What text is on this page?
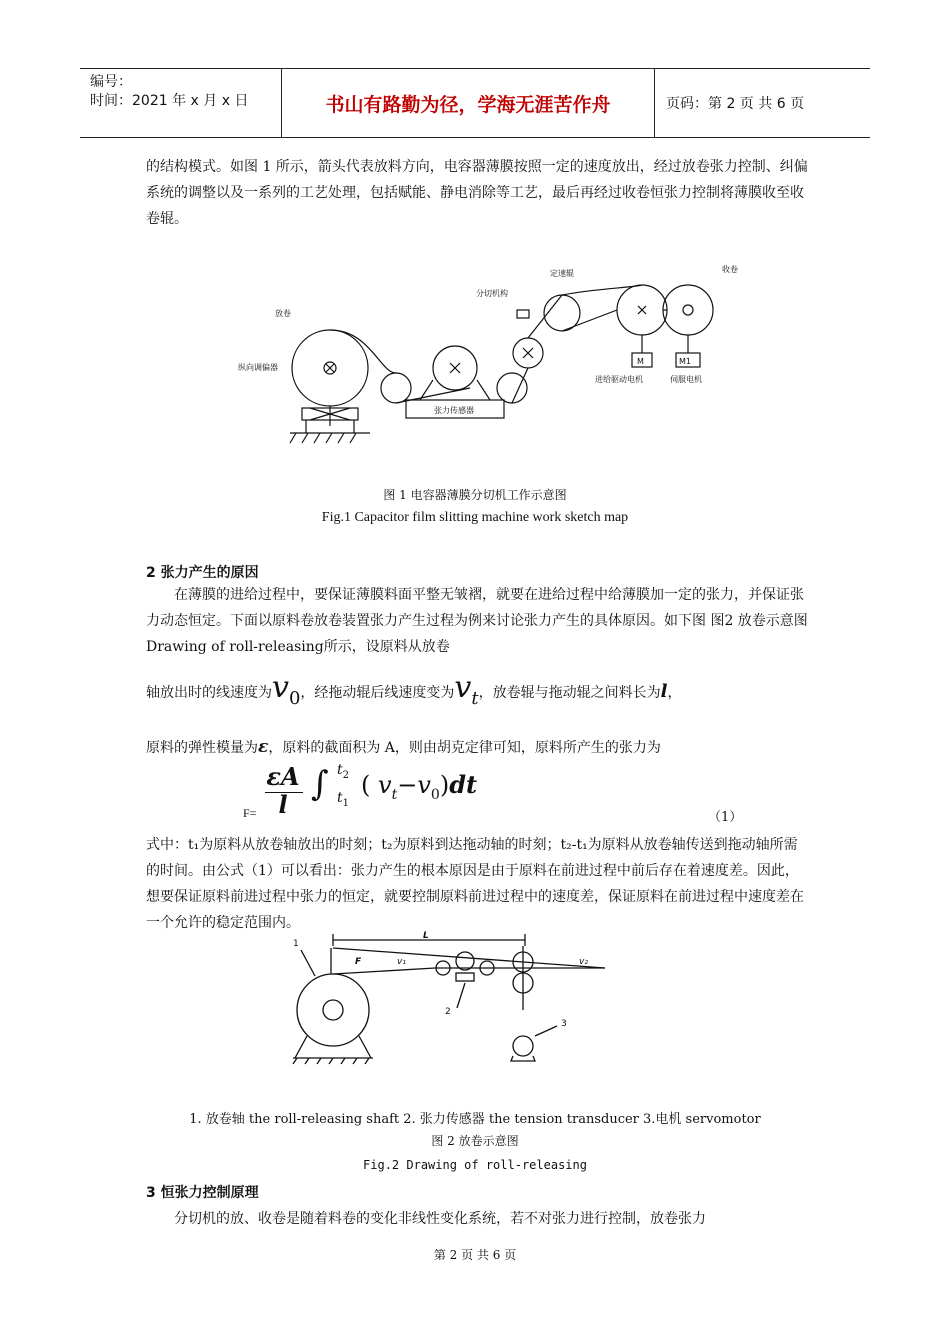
编号：
时间：2021 年 x 月 x 日	书山有路勤为径，学海无涯苦作舟	页码：第 2 页 共 6 页
的结构模式。如图 1 所示，箭头代表放料方向，电容器薄膜按照一定的速度放出，经过放卷张力控制、纠偏系统的调整以及一系列的工艺处理，包括赋能、静电消除等工艺，最后再经过收卷恒张力控制将薄膜收至收卷辊。
放卷
纵向调偏器
张力传感器
分切机构
定速辊	收卷
M	M1
进给驱动电机	伺服电机
图 1 电容器薄膜分切机工作示意图
Fig.1 Capacitor film slitting machine work sketch map
2 张力产生的原因
在薄膜的进给过程中，要保证薄膜料面平整无皱褶，就要在进给过程中给薄膜加一定的张力，并保证张力动态恒定。下面以原料卷放卷装置张力产生过程为例来讨论张力产生的具体原因。如下图 图2 放卷示意图 Drawing of roll-releasing所示，设原料从放卷
轴放出时的线速度为$v_0$，经拖动辊后线速度变为$v_t$，放卷辊与拖动辊之间料长为l，
原料的弹性模量为ε，原料的截面积为 A，则由胡克定律可知，原料所产生的张力为
F=
εA
l
∫ $t_2$
$t_1$
( $v_t-v_0)dt$
（1）
式中：t₁为原料从放卷轴放出的时刻；t₂为原料到达拖动轴的时刻；t₂-t₁为原料从放卷轴传送到拖动轴所需的时间。由公式（1）可以看出：张力产生的根本原因是由于原料在前进过程中前后存在着速度差。因此，想要保证原料前进过程中张力的恒定，就要控制原料前进过程中的速度差，保证原料在前进过程中速度差在一个允许的稳定范围内。
1
2
3
L
F	v₁	v₂
1. 放卷轴 the roll-releasing shaft 2. 张力传感器 the tension transducer 3.电机 servomotor
图 2 放卷示意图
Fig.2 Drawing of roll-releasing
3 恒张力控制原理
分切机的放、收卷是随着料卷的变化非线性变化系统，若不对张力进行控制，放卷张力
第 2 页 共 6 页
